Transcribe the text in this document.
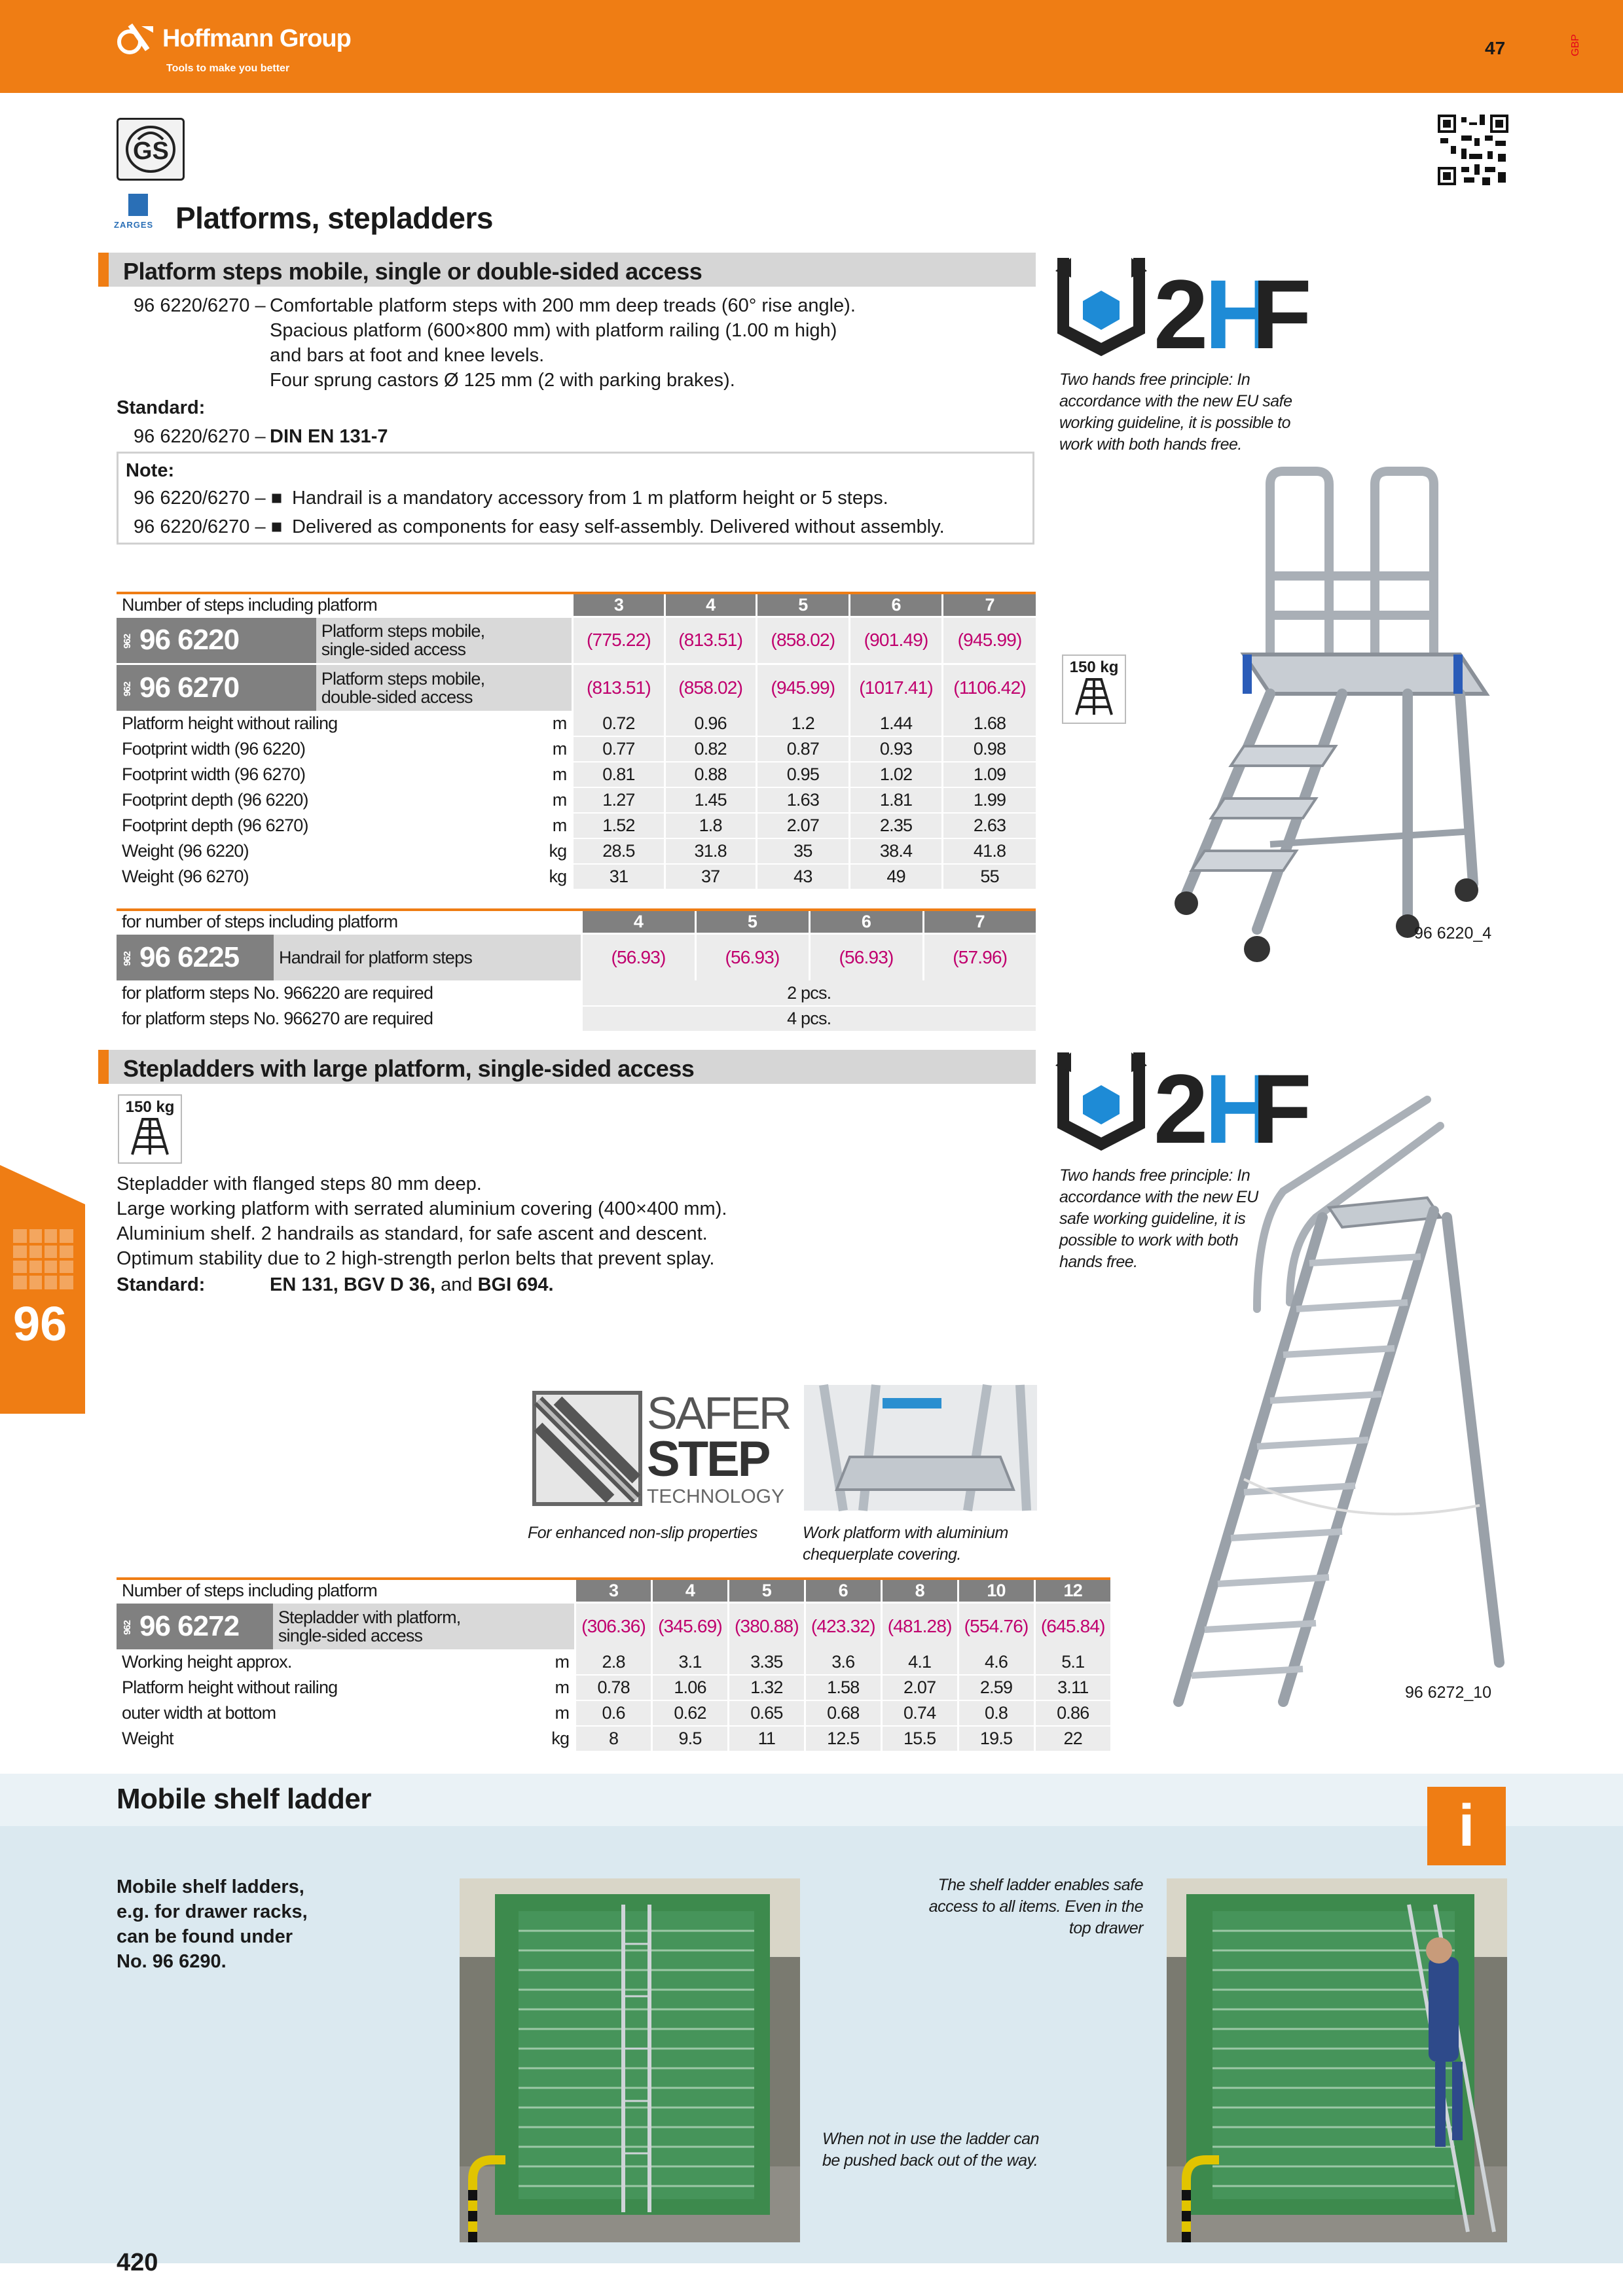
Hoffmann Group
Tools to make you better
47	GBP
GS
ZARGES Platforms, stepladders
Platform steps mobile, single or double-sided access
96 6220/6270 – Comfortable platform steps with 200 mm deep treads (60° rise angle).
Spacious platform (600×800 mm) with platform railing (1.00 m high)
and bars at foot and knee levels.
Four sprung castors Ø 125 mm (2 with parking brakes).
Standard:
96 6220/6270 – DIN EN 131-7
Note:
96 6220/6270 – ■ Handrail is a mandatory accessory from 1 m platform height or 5 steps.
96 6220/6270 – ■ Delivered as components for easy self-assembly. Delivered without assembly.
Number of steps including platform			3	4	5	6	7
962 96 6220	Platform steps mobile,
single-sided access		(775.22)	(813.51)	(858.02)	(901.49)	(945.99)
962 96 6270	Platform steps mobile,
double-sided access		(813.51)	(858.02)	(945.99)	(1017.41)	(1106.42)
Platform height without railing		m	0.72	0.96	1.2	1.44	1.68
Footprint width (96 6220)		m	0.77	0.82	0.87	0.93	0.98
Footprint width (96 6270)		m	0.81	0.88	0.95	1.02	1.09
Footprint depth (96 6220)		m	1.27	1.45	1.63	1.81	1.99
Footprint depth (96 6270)		m	1.52	1.8	2.07	2.35	2.63
Weight (96 6220)		kg	28.5	31.8	35	38.4	41.8
Weight (96 6270)		kg	31	37	43	49	55
for number of steps including platform		4	5	6	7
962 96 6225	Handrail for platform steps	(56.93)	(56.93)	(56.93)	(57.96)
for platform steps No. 966220 are required		2 pcs.			
for platform steps No. 966270 are required		4 pcs.			
2 H
F
Two hands free principle: In
accordance with the new EU safe
working guideline, it is possible to
work with both hands free.
150 kg
96 6220_4
Stepladders with large platform, single-sided access
150 kg
Stepladder with flanged steps 80 mm deep.
Large working platform with serrated aluminium covering (400×400 mm).
Aluminium shelf. 2 handrails as standard, for safe ascent and descent.
Optimum stability due to 2 high-strength perlon belts that prevent splay.
Standard:	EN 131, BGV D 36, and BGI 694.
SAFER
STEP
TECHNOLOGY
For enhanced non-slip properties	Work platform with aluminium
chequerplate covering.
2 H
F
Two hands free principle: In
accordance with the new EU
safe working guideline, it is
possible to work with both
hands free.
96 6272_10
Number of steps including platform			3	4	5	6	8	10	12
962 96 6272	Stepladder with platform,
single-sided access		(306.36)	(345.69)	(380.88)	(423.32)	(481.28)	(554.76)	(645.84)
Working height approx.		m	2.8	3.1	3.35	3.6	4.1	4.6	5.1
Platform height without railing		m	0.78	1.06	1.32	1.58	2.07	2.59	3.11
outer width at bottom		m	0.6	0.62	0.65	0.68	0.74	0.8	0.86
Weight		kg	8	9.5	11	12.5	15.5	19.5	22
96
Mobile shelf ladder	i
Mobile shelf ladders,
e.g. for drawer racks,
can be found under
No. 96 6290.
When not in use the ladder can
be pushed back out of the way.
The shelf ladder enables safe
access to all items. Even in the
top drawer
420
